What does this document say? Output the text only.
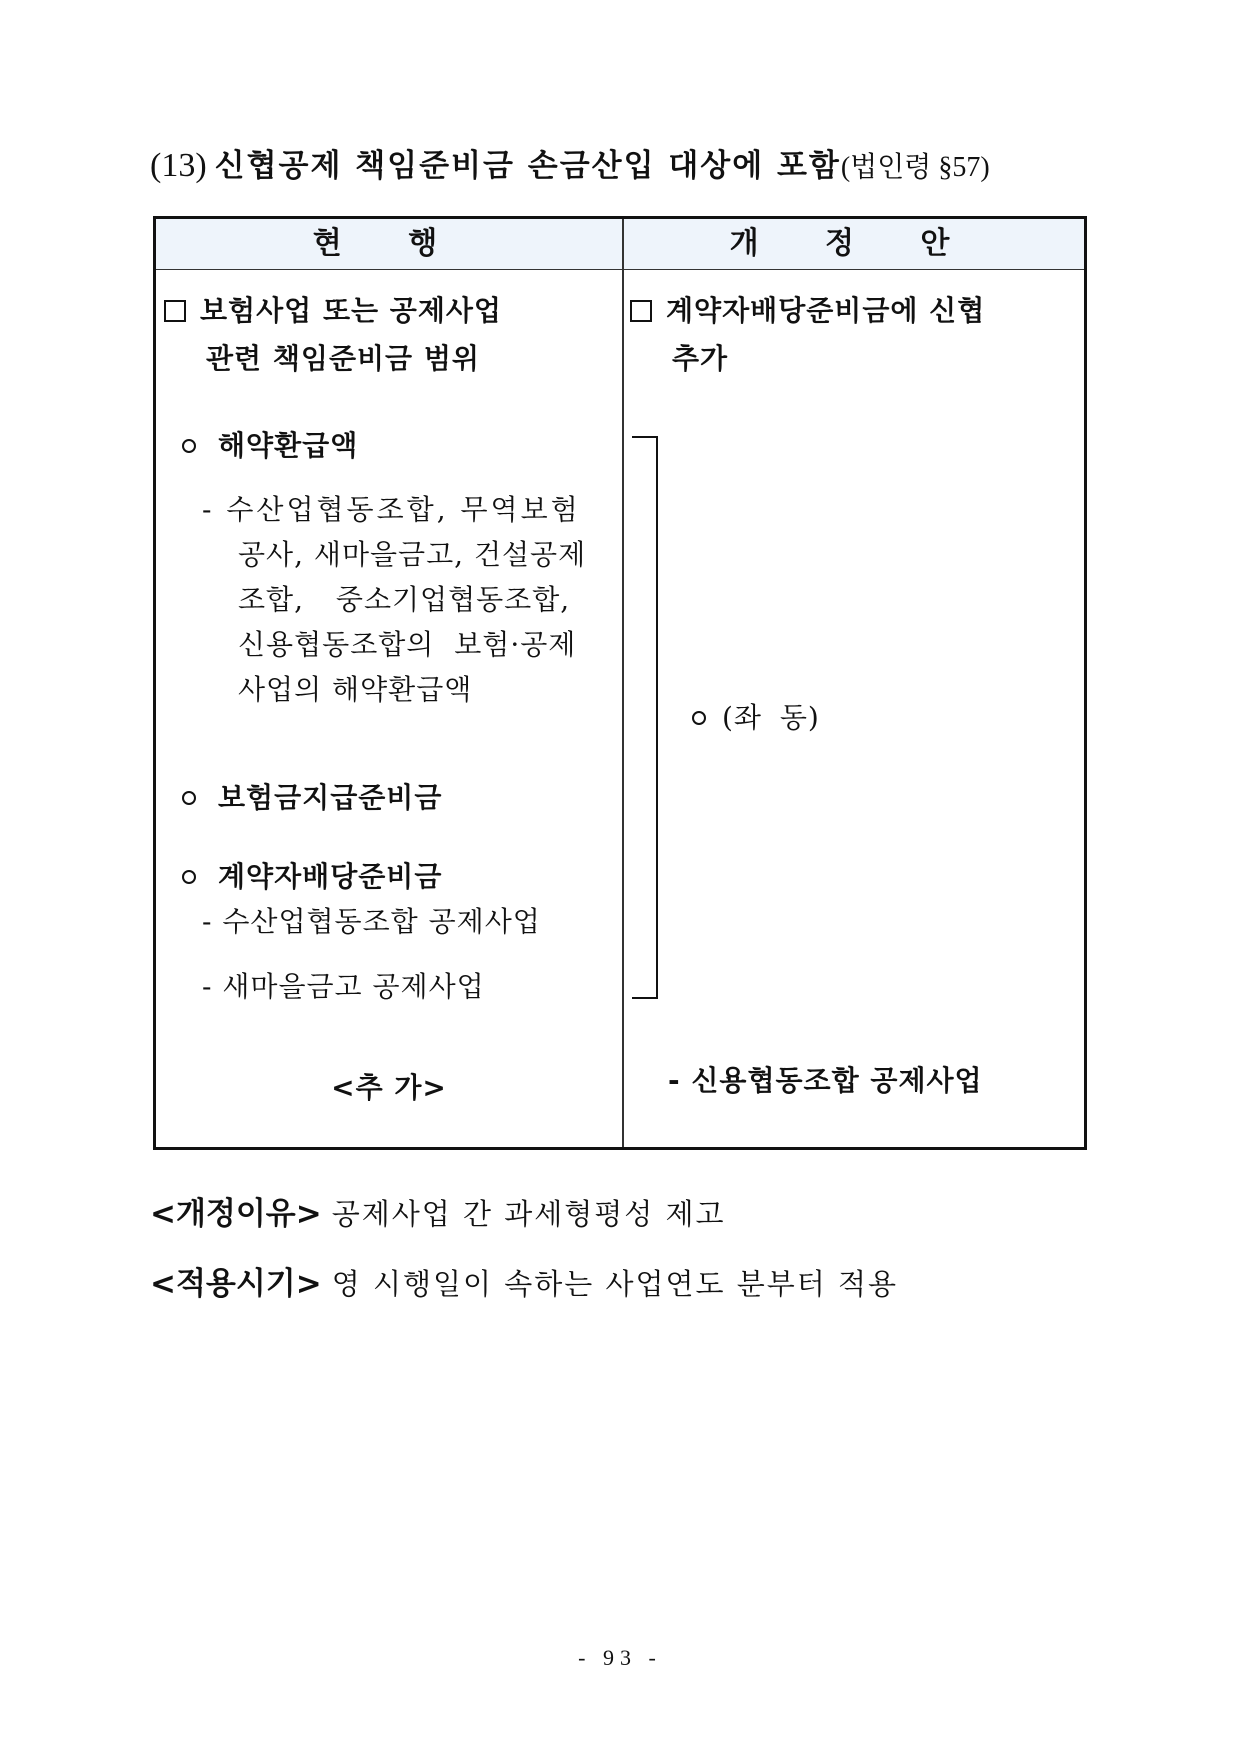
(13) 신협공제 책임준비금 손금산입 대상에 포함(법인령 §57)
현 행	개 정 안
보험사업 또는 공제사업
관련 책임준비금 범위
해약환급액
- 수산업협동조합, 무역보험
공사, 새마을금고, 건설공제
조합, 중소기업협동조합,
신용협동조합의 보험·공제
사업의 해약환급액
보험금지급준비금
계약자배당준비금
- 수산업협동조합 공제사업
- 새마을금고 공제사업
<추 가>
계약자배당준비금에 신협
추가
(좌 동)
- 신용협동조합 공제사업
<개정이유> 공제사업 간 과세형평성 제고
<적용시기> 영 시행일이 속하는 사업연도 분부터 적용
- 93 -
